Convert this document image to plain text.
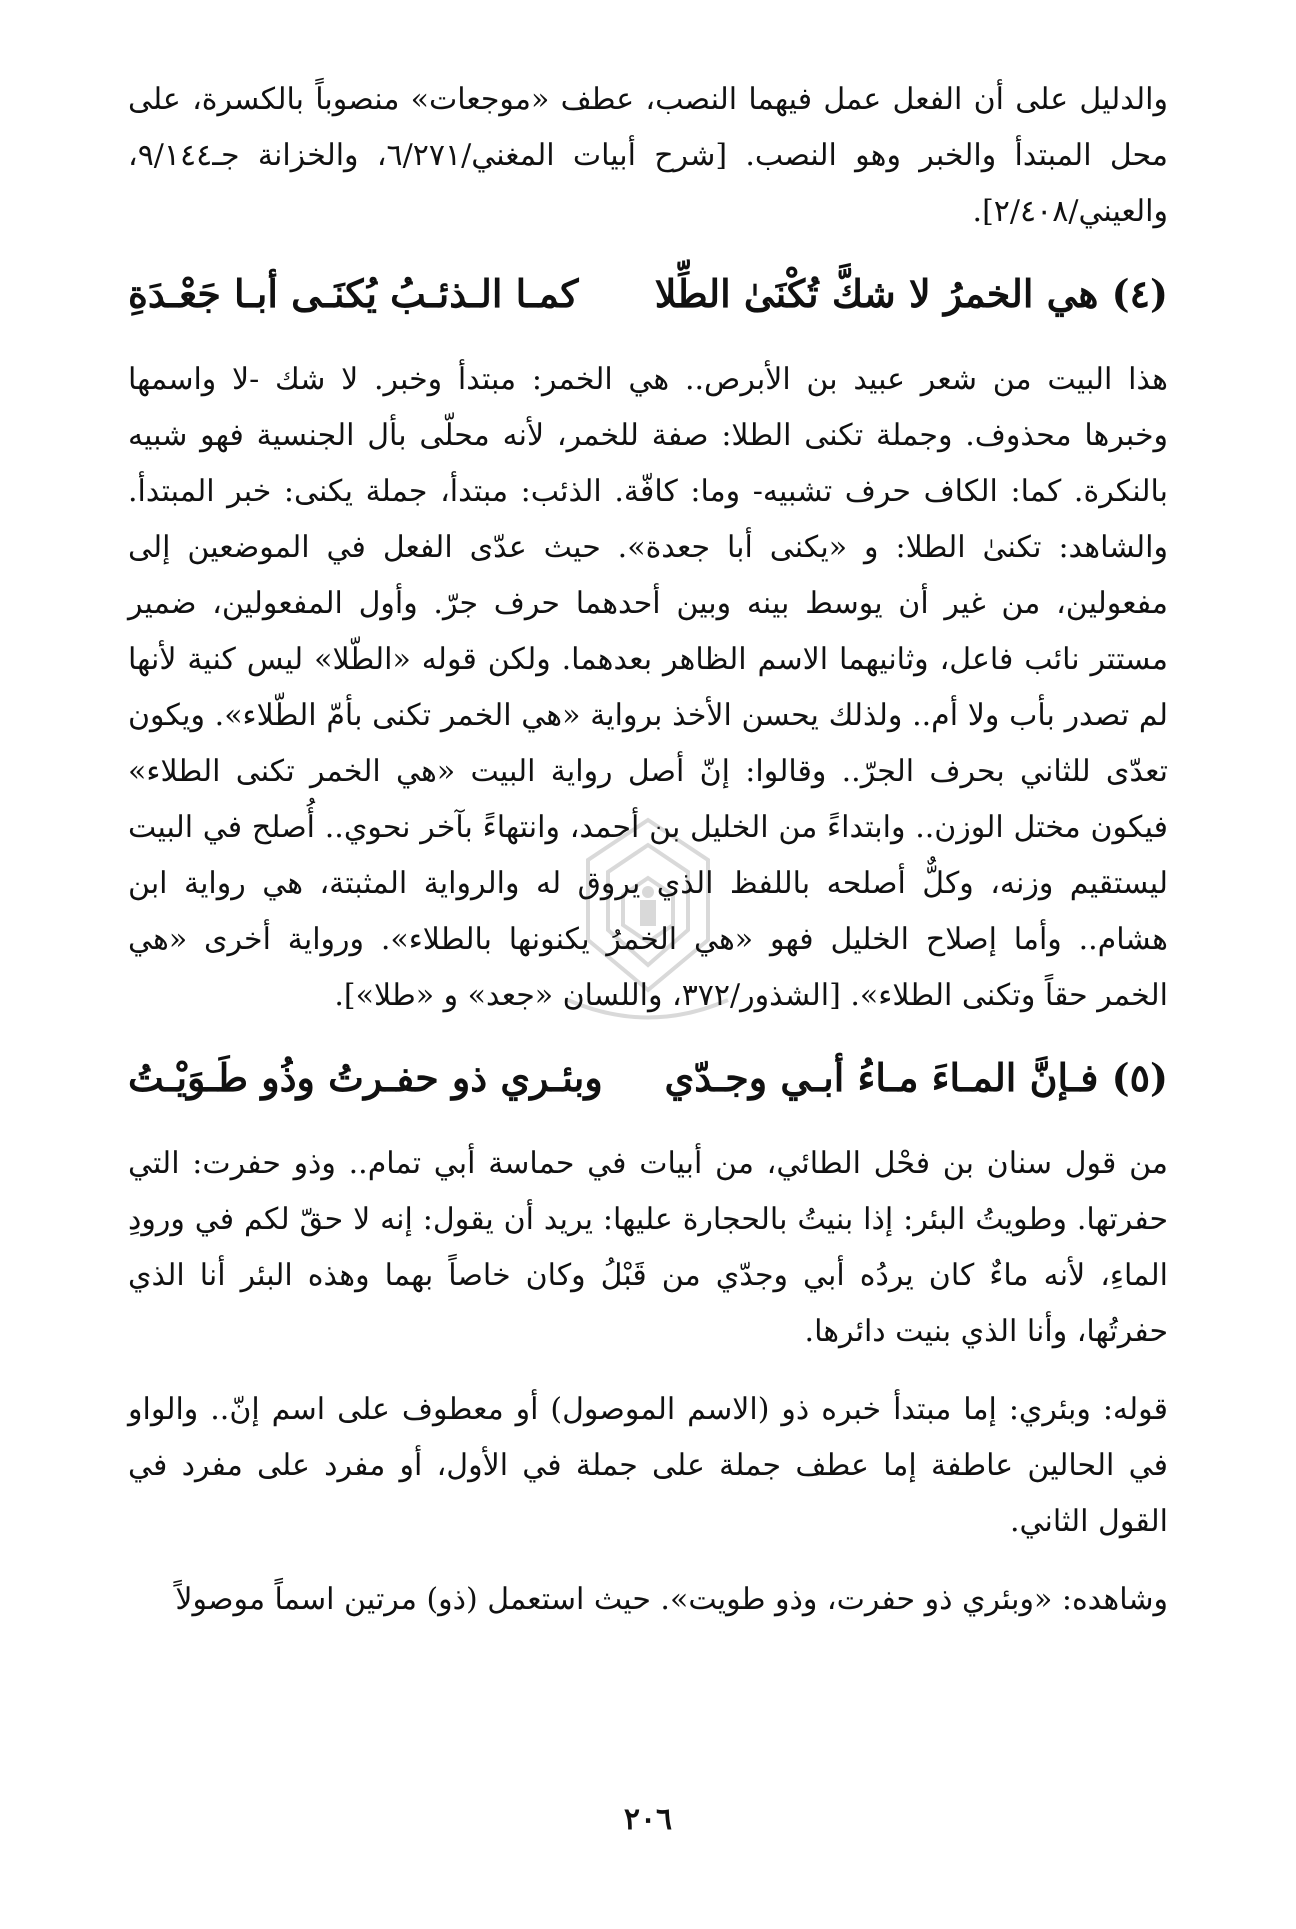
والدليل على أن الفعل عمل فيهما النصب، عطف «موجعات» منصوباً بالكسرة، على محل المبتدأ والخبر وهو النصب. [شرح أبيات المغني/٦/٢٧١، والخزانة جـ٩/١٤٤، والعيني/٢/٤٠٨].

(٤) هي الخمرُ لا شكَّ تُكْنَىٰ الطِّلا
كمـا الـذئـبُ يُكنَـى أبـا جَعْـدَةِ

هذا البيت من شعر عبيد بن الأبرص.. هي الخمر: مبتدأ وخبر. لا شك -لا واسمها وخبرها محذوف. وجملة تكنى الطلا: صفة للخمر، لأنه محلّى بأل الجنسية فهو شبيه بالنكرة. كما: الكاف حرف تشبيه- وما: كافّة. الذئب: مبتدأ، جملة يكنى: خبر المبتدأ. والشاهد: تكنىٰ الطلا: و «يكنى أبا جعدة». حيث عدّى الفعل في الموضعين إلى مفعولين، من غير أن يوسط بينه وبين أحدهما حرف جرّ. وأول المفعولين، ضمير مستتر نائب فاعل، وثانيهما الاسم الظاهر بعدهما. ولكن قوله «الطّلا» ليس كنية لأنها لم تصدر بأب ولا أم.. ولذلك يحسن الأخذ برواية «هي الخمر تكنى بأمّ الطّلاء». ويكون تعدّى للثاني بحرف الجرّ.. وقالوا: إنّ أصل رواية البيت «هي الخمر تكنى الطلاء» فيكون مختل الوزن.. وابتداءً من الخليل بن أحمد، وانتهاءً بآخر نحوي.. أُصلح في البيت ليستقيم وزنه، وكلٌّ أصلحه باللفظ الذي يروق له والرواية المثبتة، هي رواية ابن هشام.. وأما إصلاح الخليل فهو «هي الخمرُ يكنونها بالطلاء». ورواية أخرى «هي الخمر حقاً وتكنى الطلاء». [الشذور/٣٧٢، واللسان «جعد» و «طلا»].

(٥) فـإنَّ المـاءَ مـاءُ أبـي وجـدّي
وبئـري ذو حفـرتُ وذُو طَـوَيْـتُ

من قول سنان بن فحْل الطائي، من أبيات في حماسة أبي تمام.. وذو حفرت: التي حفرتها. وطويتُ البئر: إذا بنيتُ بالحجارة عليها: يريد أن يقول: إنه لا حقّ لكم في ورودِ الماءِ، لأنه ماءٌ كان يردُه أبي وجدّي من قَبْلُ وكان خاصاً بهما وهذه البئر أنا الذي حفرتُها، وأنا الذي بنيت دائرها.

قوله: وبئري: إما مبتدأ خبره ذو (الاسم الموصول) أو معطوف على اسم إنّ.. والواو في الحالين عاطفة إما عطف جملة على جملة في الأول، أو مفرد على مفرد في القول الثاني.

وشاهده: «وبئري ذو حفرت، وذو طويت». حيث استعمل (ذو) مرتين اسماً موصولاً

٢٠٦
